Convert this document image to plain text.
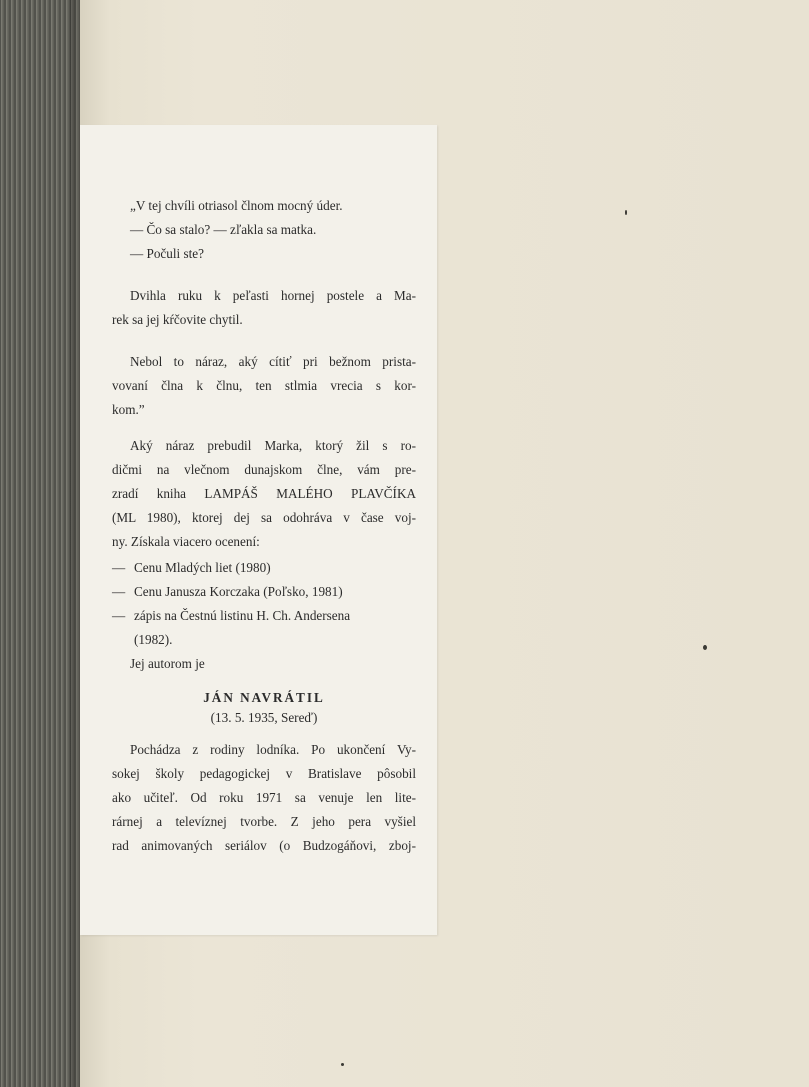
„V tej chvíli otriasol člnom mocný úder.
— Čo sa stalo? — zľakla sa matka.
— Počuli ste?
Dvihla ruku k peľasti hornej postele a Ma-
rek sa jej kŕčovite chytil.
Nebol to náraz, aký cítiť pri bežnom prista-
vovaní člna k člnu, ten stlmia vrecia s kor-
kom.”
Aký náraz prebudil Marka, ktorý žil s ro-
dičmi na vlečnom dunajskom člne, vám pre-
zradí kniha LAMPÁŠ MALÉHO PLAVČÍKA
(ML 1980), ktorej dej sa odohráva v čase voj-
ny. Získala viacero ocenení:
— Cenu Mladých liet (1980)
— Cenu Janusza Korczaka (Poľsko, 1981)
— zápis na Čestnú listinu H. Ch. Andersena
(1982).
Jej autorom je

JÁN NAVRÁTIL

(13. 5. 1935, Sereď)

Pochádza z rodiny lodníka. Po ukončení Vy-
sokej školy pedagogickej v Bratislave pôsobil
ako učiteľ. Od roku 1971 sa venuje len lite-
rárnej a televíznej tvorbe. Z jeho pera vyšiel
rad animovaných seriálov (o Budzogáňovi, zboj-
